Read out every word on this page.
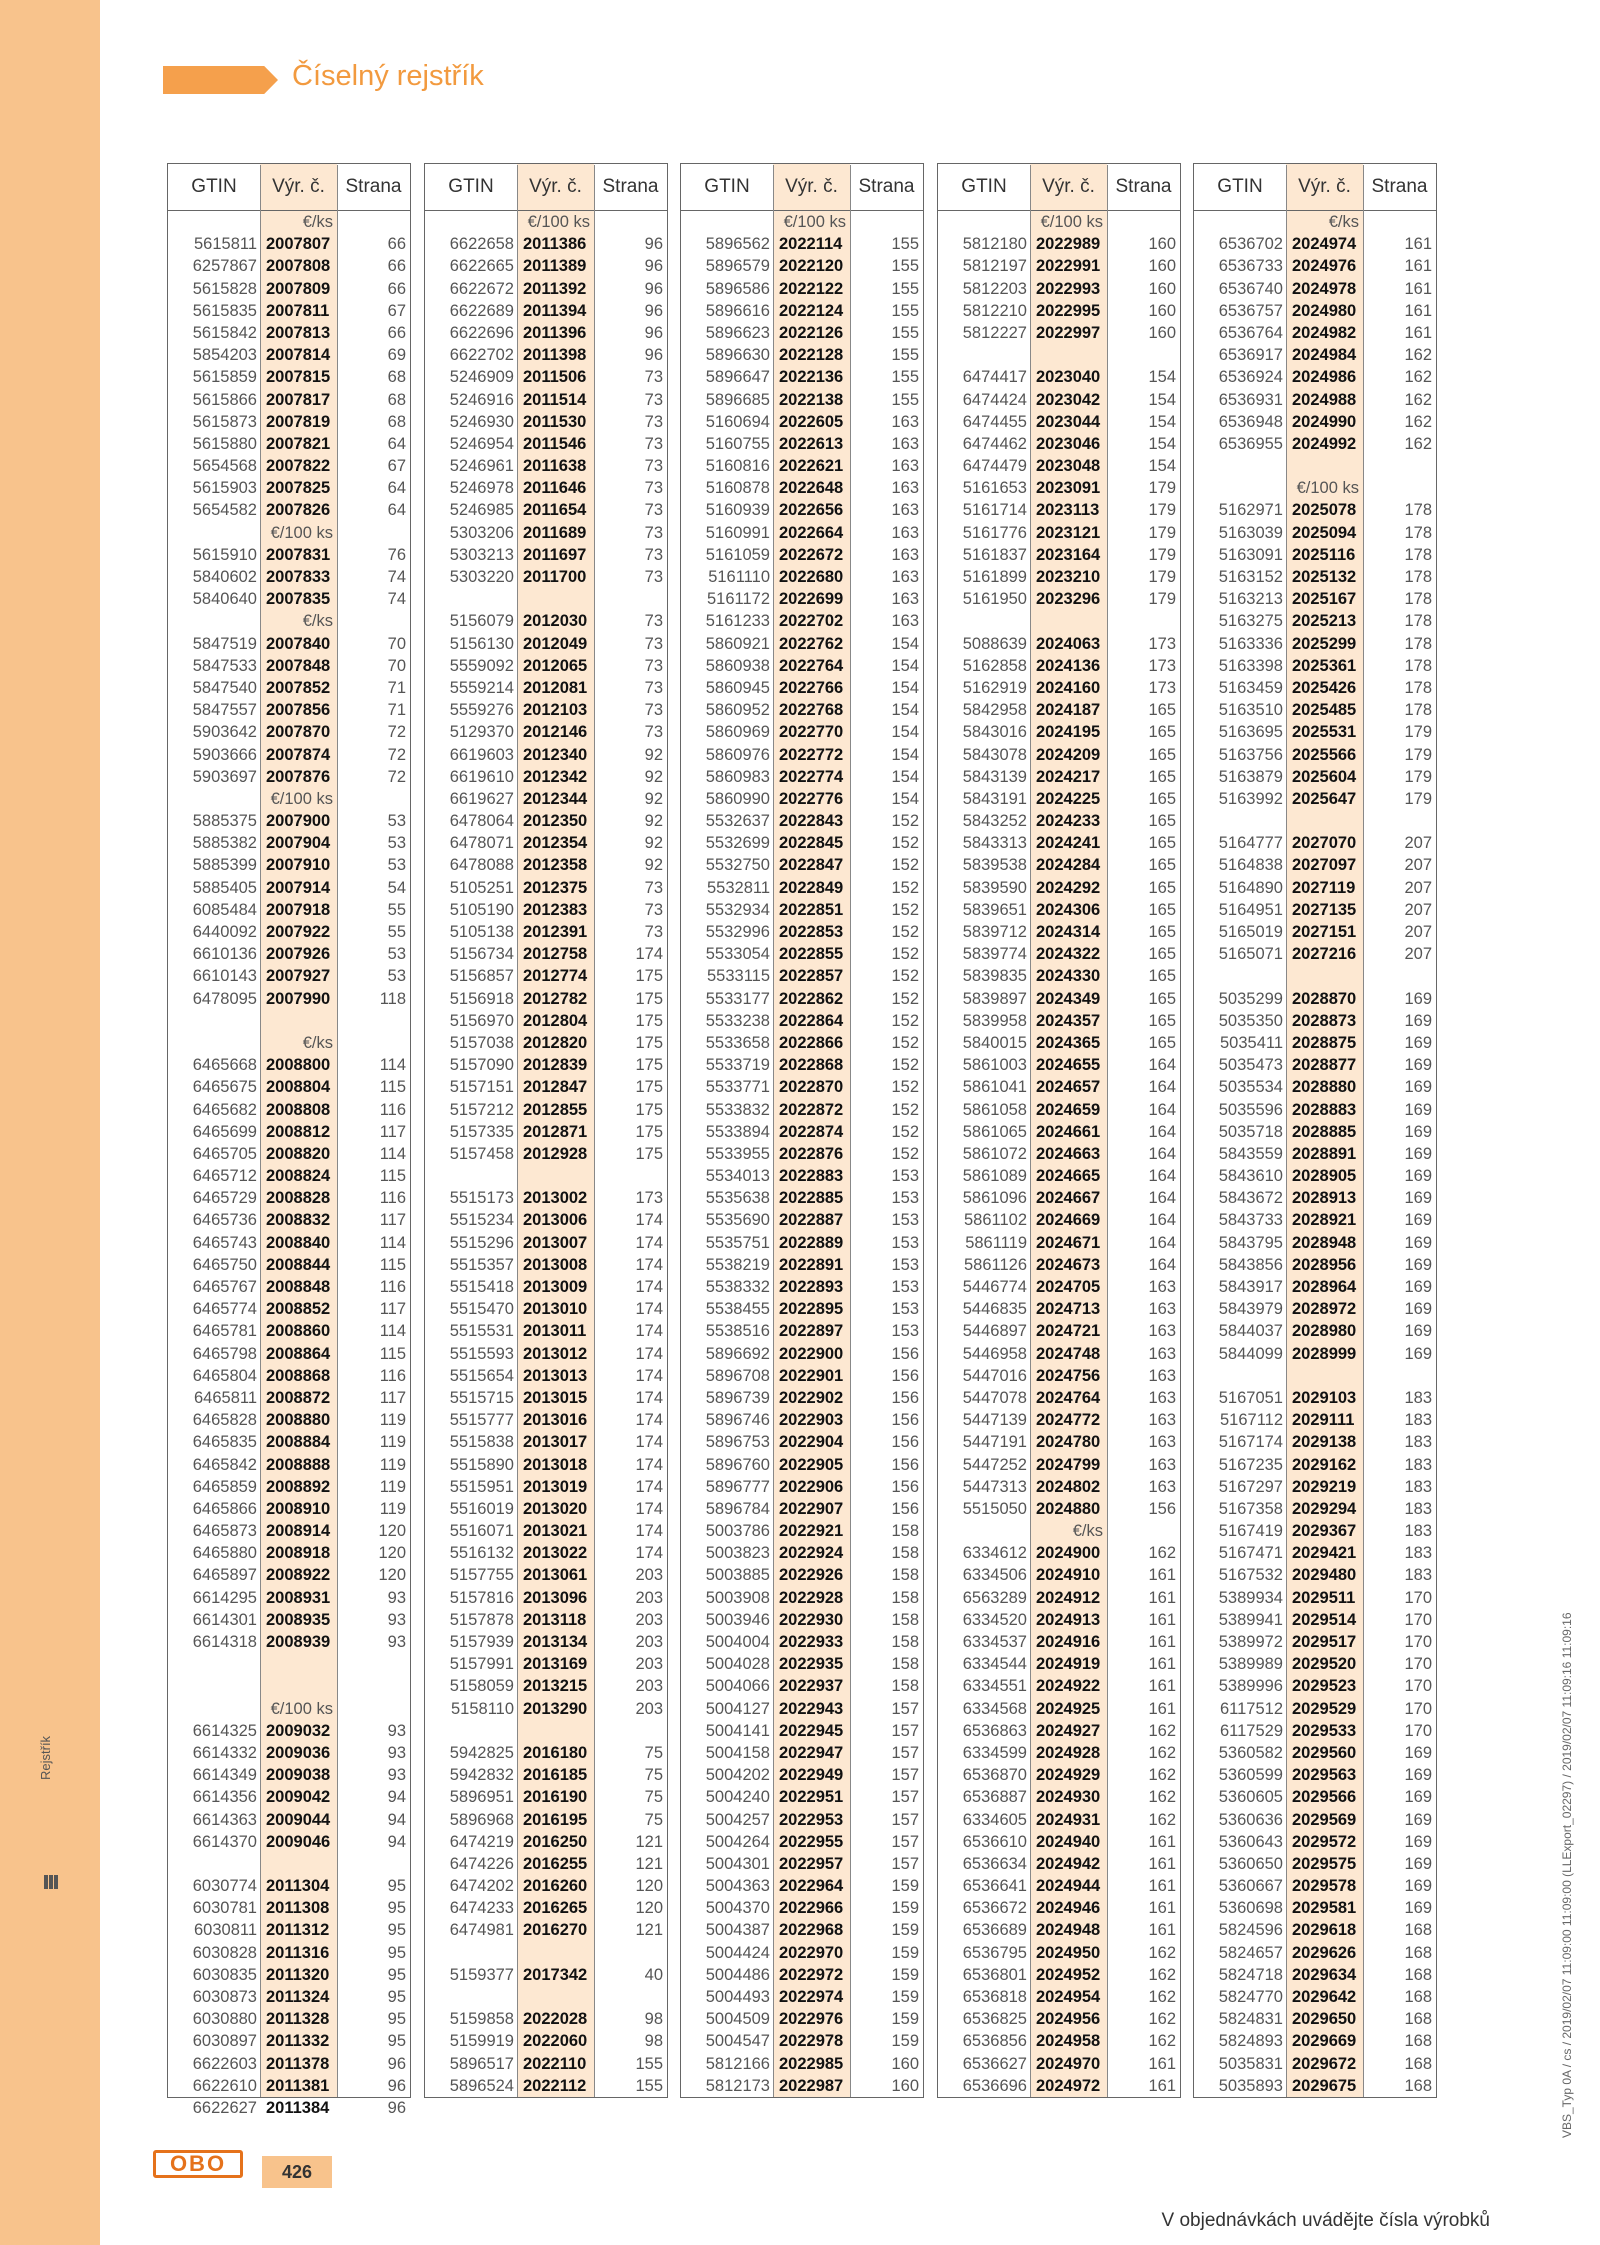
Rejstřík
Číselný rejstřík
GTIN	Výr. č.	Strana
€/ks
5615811 2007807	66
6257867 2007808	66
5615828 2007809	66
5615835 2007811	67
5615842 2007813	66
5854203 2007814	69
5615859 2007815	68
5615866 2007817	68
5615873 2007819	68
5615880 2007821	64
5654568 2007822	67
5615903 2007825	64
5654582 2007826	64
€/100 ks
5615910 2007831	76
5840602 2007833	74
5840640 2007835	74
€/ks
5847519 2007840	70
5847533 2007848	70
5847540 2007852	71
5847557 2007856	71
5903642 2007870	72
5903666 2007874	72
5903697 2007876	72
€/100 ks
5885375 2007900	53
5885382 2007904	53
5885399 2007910	53
5885405 2007914	54
6085484 2007918	55
6440092 2007922	55
6610136 2007926	53
6610143 2007927	53
6478095 2007990	118
€/ks
6465668 2008800	114
6465675 2008804	115
6465682 2008808	116
6465699 2008812	117
6465705 2008820	114
6465712 2008824	115
6465729 2008828	116
6465736 2008832	117
6465743 2008840	114
6465750 2008844	115
6465767 2008848	116
6465774 2008852	117
6465781 2008860	114
6465798 2008864	115
6465804 2008868	116
6465811 2008872	117
6465828 2008880	119
6465835 2008884	119
6465842 2008888	119
6465859 2008892	119
6465866 2008910	119
6465873 2008914	120
6465880 2008918	120
6465897 2008922	120
6614295 2008931	93
6614301 2008935	93
6614318 2008939	93
€/100 ks
6614325 2009032	93
6614332 2009036	93
6614349 2009038	93
6614356 2009042	94
6614363 2009044	94
6614370 2009046	94
6030774 2011304	95
6030781 2011308	95
6030811 2011312	95
6030828 2011316	95
6030835 2011320	95
6030873 2011324	95
6030880 2011328	95
6030897 2011332	95
6622603 2011378	96
6622610 2011381	96
6622627 2011384	96
GTIN	Výr. č.	Strana
€/100 ks
6622658 2011386	96
6622665 2011389	96
6622672 2011392	96
6622689 2011394	96
6622696 2011396	96
6622702 2011398	96
5246909 2011506	73
5246916 2011514	73
5246930 2011530	73
5246954 2011546	73
5246961 2011638	73
5246978 2011646	73
5246985 2011654	73
5303206 2011689	73
5303213 2011697	73
5303220 2011700	73
5156079 2012030	73
5156130 2012049	73
5559092 2012065	73
5559214 2012081	73
5559276 2012103	73
5129370 2012146	73
6619603 2012340	92
6619610 2012342	92
6619627 2012344	92
6478064 2012350	92
6478071 2012354	92
6478088 2012358	92
5105251 2012375	73
5105190 2012383	73
5105138 2012391	73
5156734 2012758	174
5156857 2012774	175
5156918 2012782	175
5156970 2012804	175
5157038 2012820	175
5157090 2012839	175
5157151 2012847	175
5157212 2012855	175
5157335 2012871	175
5157458 2012928	175
5515173 2013002	173
5515234 2013006	174
5515296 2013007	174
5515357 2013008	174
5515418 2013009	174
5515470 2013010	174
5515531 2013011	174
5515593 2013012	174
5515654 2013013	174
5515715 2013015	174
5515777 2013016	174
5515838 2013017	174
5515890 2013018	174
5515951 2013019	174
5516019 2013020	174
5516071 2013021	174
5516132 2013022	174
5157755 2013061	203
5157816 2013096	203
5157878 2013118	203
5157939 2013134	203
5157991 2013169	203
5158059 2013215	203
5158110 2013290	203
5942825 2016180	75
5942832 2016185	75
5896951 2016190	75
5896968 2016195	75
6474219 2016250	121
6474226 2016255	121
6474202 2016260	120
6474233 2016265	120
6474981 2016270	121
5159377 2017342	40
5159858 2022028	98
5159919 2022060	98
5896517 2022110	155
5896524 2022112	155
GTIN	Výr. č.	Strana
€/100 ks
5896562 2022114	155
5896579 2022120	155
5896586 2022122	155
5896616 2022124	155
5896623 2022126	155
5896630 2022128	155
5896647 2022136	155
5896685 2022138	155
5160694 2022605	163
5160755 2022613	163
5160816 2022621	163
5160878 2022648	163
5160939 2022656	163
5160991 2022664	163
5161059 2022672	163
5161110 2022680	163
5161172 2022699	163
5161233 2022702	163
5860921 2022762	154
5860938 2022764	154
5860945 2022766	154
5860952 2022768	154
5860969 2022770	154
5860976 2022772	154
5860983 2022774	154
5860990 2022776	154
5532637 2022843	152
5532699 2022845	152
5532750 2022847	152
5532811 2022849	152
5532934 2022851	152
5532996 2022853	152
5533054 2022855	152
5533115 2022857	152
5533177 2022862	152
5533238 2022864	152
5533658 2022866	152
5533719 2022868	152
5533771 2022870	152
5533832 2022872	152
5533894 2022874	152
5533955 2022876	152
5534013 2022883	153
5535638 2022885	153
5535690 2022887	153
5535751 2022889	153
5538219 2022891	153
5538332 2022893	153
5538455 2022895	153
5538516 2022897	153
5896692 2022900	156
5896708 2022901	156
5896739 2022902	156
5896746 2022903	156
5896753 2022904	156
5896760 2022905	156
5896777 2022906	156
5896784 2022907	156
5003786 2022921	158
5003823 2022924	158
5003885 2022926	158
5003908 2022928	158
5003946 2022930	158
5004004 2022933	158
5004028 2022935	158
5004066 2022937	158
5004127 2022943	157
5004141 2022945	157
5004158 2022947	157
5004202 2022949	157
5004240 2022951	157
5004257 2022953	157
5004264 2022955	157
5004301 2022957	157
5004363 2022964	159
5004370 2022966	159
5004387 2022968	159
5004424 2022970	159
5004486 2022972	159
5004493 2022974	159
5004509 2022976	159
5004547 2022978	159
5812166 2022985	160
5812173 2022987	160
GTIN	Výr. č.	Strana
€/100 ks
5812180 2022989	160
5812197 2022991	160
5812203 2022993	160
5812210 2022995	160
5812227 2022997	160
6474417 2023040	154
6474424 2023042	154
6474455 2023044	154
6474462 2023046	154
6474479 2023048	154
5161653 2023091	179
5161714 2023113	179
5161776 2023121	179
5161837 2023164	179
5161899 2023210	179
5161950 2023296	179
5088639 2024063	173
5162858 2024136	173
5162919 2024160	173
5842958 2024187	165
5843016 2024195	165
5843078 2024209	165
5843139 2024217	165
5843191 2024225	165
5843252 2024233	165
5843313 2024241	165
5839538 2024284	165
5839590 2024292	165
5839651 2024306	165
5839712 2024314	165
5839774 2024322	165
5839835 2024330	165
5839897 2024349	165
5839958 2024357	165
5840015 2024365	165
5861003 2024655	164
5861041 2024657	164
5861058 2024659	164
5861065 2024661	164
5861072 2024663	164
5861089 2024665	164
5861096 2024667	164
5861102 2024669	164
5861119 2024671	164
5861126 2024673	164
5446774 2024705	163
5446835 2024713	163
5446897 2024721	163
5446958 2024748	163
5447016 2024756	163
5447078 2024764	163
5447139 2024772	163
5447191 2024780	163
5447252 2024799	163
5447313 2024802	163
5515050 2024880	156
€/ks
6334612 2024900	162
6334506 2024910	161
6563289 2024912	161
6334520 2024913	161
6334537 2024916	161
6334544 2024919	161
6334551 2024922	161
6334568 2024925	161
6536863 2024927	162
6334599 2024928	162
6536870 2024929	162
6536887 2024930	162
6334605 2024931	162
6536610 2024940	161
6536634 2024942	161
6536641 2024944	161
6536672 2024946	161
6536689 2024948	161
6536795 2024950	162
6536801 2024952	162
6536818 2024954	162
6536825 2024956	162
6536856 2024958	162
6536627 2024970	161
6536696 2024972	161
GTIN	Výr. č.	Strana
€/ks
6536702 2024974	161
6536733 2024976	161
6536740 2024978	161
6536757 2024980	161
6536764 2024982	161
6536917 2024984	162
6536924 2024986	162
6536931 2024988	162
6536948 2024990	162
6536955 2024992	162
€/100 ks
5162971 2025078	178
5163039 2025094	178
5163091 2025116	178
5163152 2025132	178
5163213 2025167	178
5163275 2025213	178
5163336 2025299	178
5163398 2025361	178
5163459 2025426	178
5163510 2025485	178
5163695 2025531	179
5163756 2025566	179
5163879 2025604	179
5163992 2025647	179
5164777 2027070	207
5164838 2027097	207
5164890 2027119	207
5164951 2027135	207
5165019 2027151	207
5165071 2027216	207
5035299 2028870	169
5035350 2028873	169
5035411 2028875	169
5035473 2028877	169
5035534 2028880	169
5035596 2028883	169
5035718 2028885	169
5843559 2028891	169
5843610 2028905	169
5843672 2028913	169
5843733 2028921	169
5843795 2028948	169
5843856 2028956	169
5843917 2028964	169
5843979 2028972	169
5844037 2028980	169
5844099 2028999	169
5167051 2029103	183
5167112 2029111	183
5167174 2029138	183
5167235 2029162	183
5167297 2029219	183
5167358 2029294	183
5167419 2029367	183
5167471 2029421	183
5167532 2029480	183
5389934 2029511	170
5389941 2029514	170
5389972 2029517	170
5389989 2029520	170
5389996 2029523	170
6117512 2029529	170
6117529 2029533	170
5360582 2029560	169
5360599 2029563	169
5360605 2029566	169
5360636 2029569	169
5360643 2029572	169
5360650 2029575	169
5360667 2029578	169
5360698 2029581	169
5824596 2029618	168
5824657 2029626	168
5824718 2029634	168
5824770 2029642	168
5824831 2029650	168
5824893 2029669	168
5035831 2029672	168
5035893 2029675	168
OBO	426
V objednávkách uvádějte čísla výrobků
VBS_Typ 0A / cs / 2019/02/07 11:09:00 11:09:00 (LLExport_02297) / 2019/02/07 11:09:16 11:09:16
